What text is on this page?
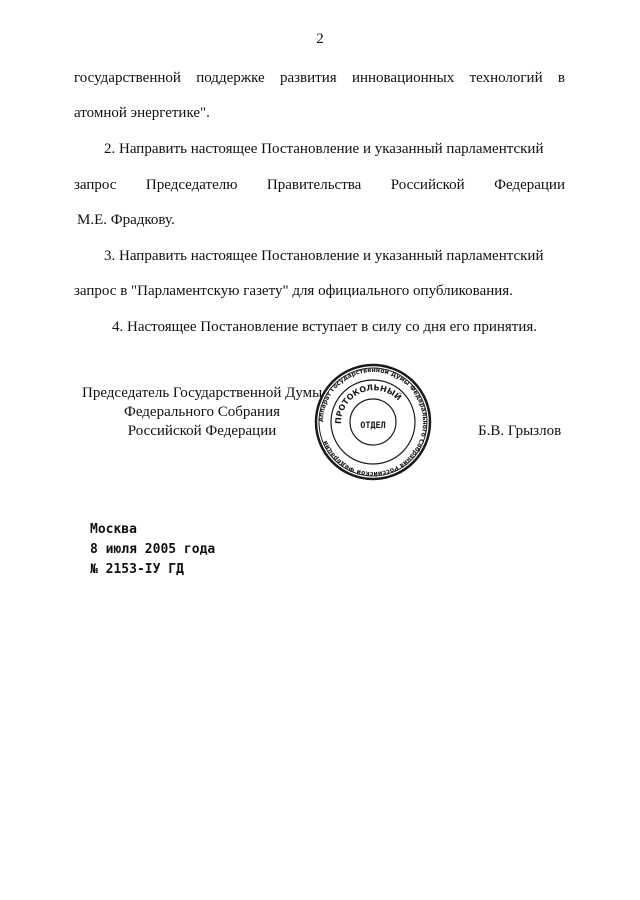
2
государственной поддержке развития инновационных технологий в
атомной энергетике".
2. Направить настоящее Постановление и указанный парламентский
запрос Председателю Правительства Российской Федерации
М.Е. Фрадкову.
3. Направить настоящее Постановление и указанный парламентский
запрос в "Парламентскую газету" для официального опубликования.
4. Настоящее Постановление вступает в силу со дня его принятия.
Председатель Государственной Думы
Федерального Собрания
Российской Федерации
Аппарат Государственной Думы Федерального Собрания Российской Федерации
ПРОТОКОЛЬНЫЙ
ОТДЕЛ	Б.В. Грызлов
Москва
8 июля 2005 года
№ 2153-IУ ГД
